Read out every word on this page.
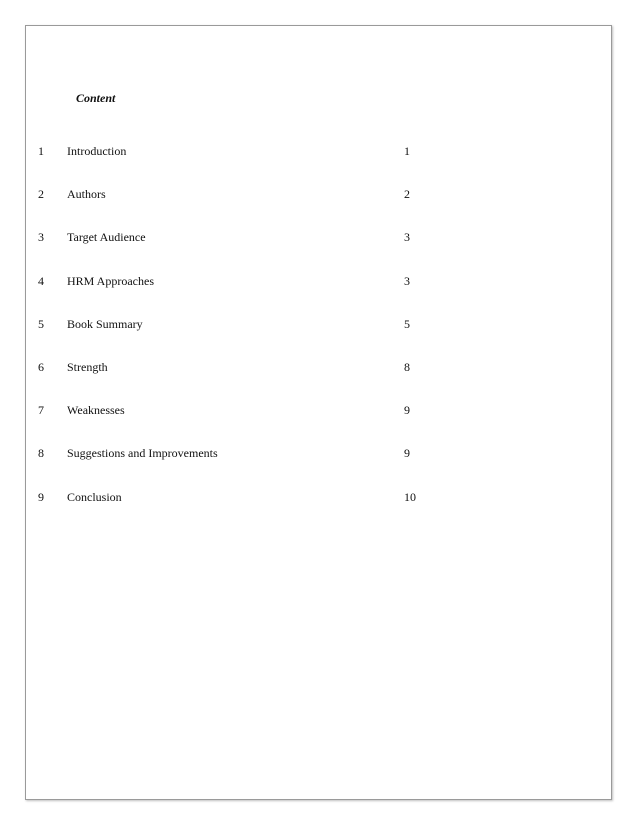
Content
1 Introduction	1
2 Authors	2
3 Target Audience	3
4 HRM Approaches	3
5 Book Summary	5
6 Strength	8
7 Weaknesses	9
8 Suggestions and Improvements	9
9 Conclusion	10
